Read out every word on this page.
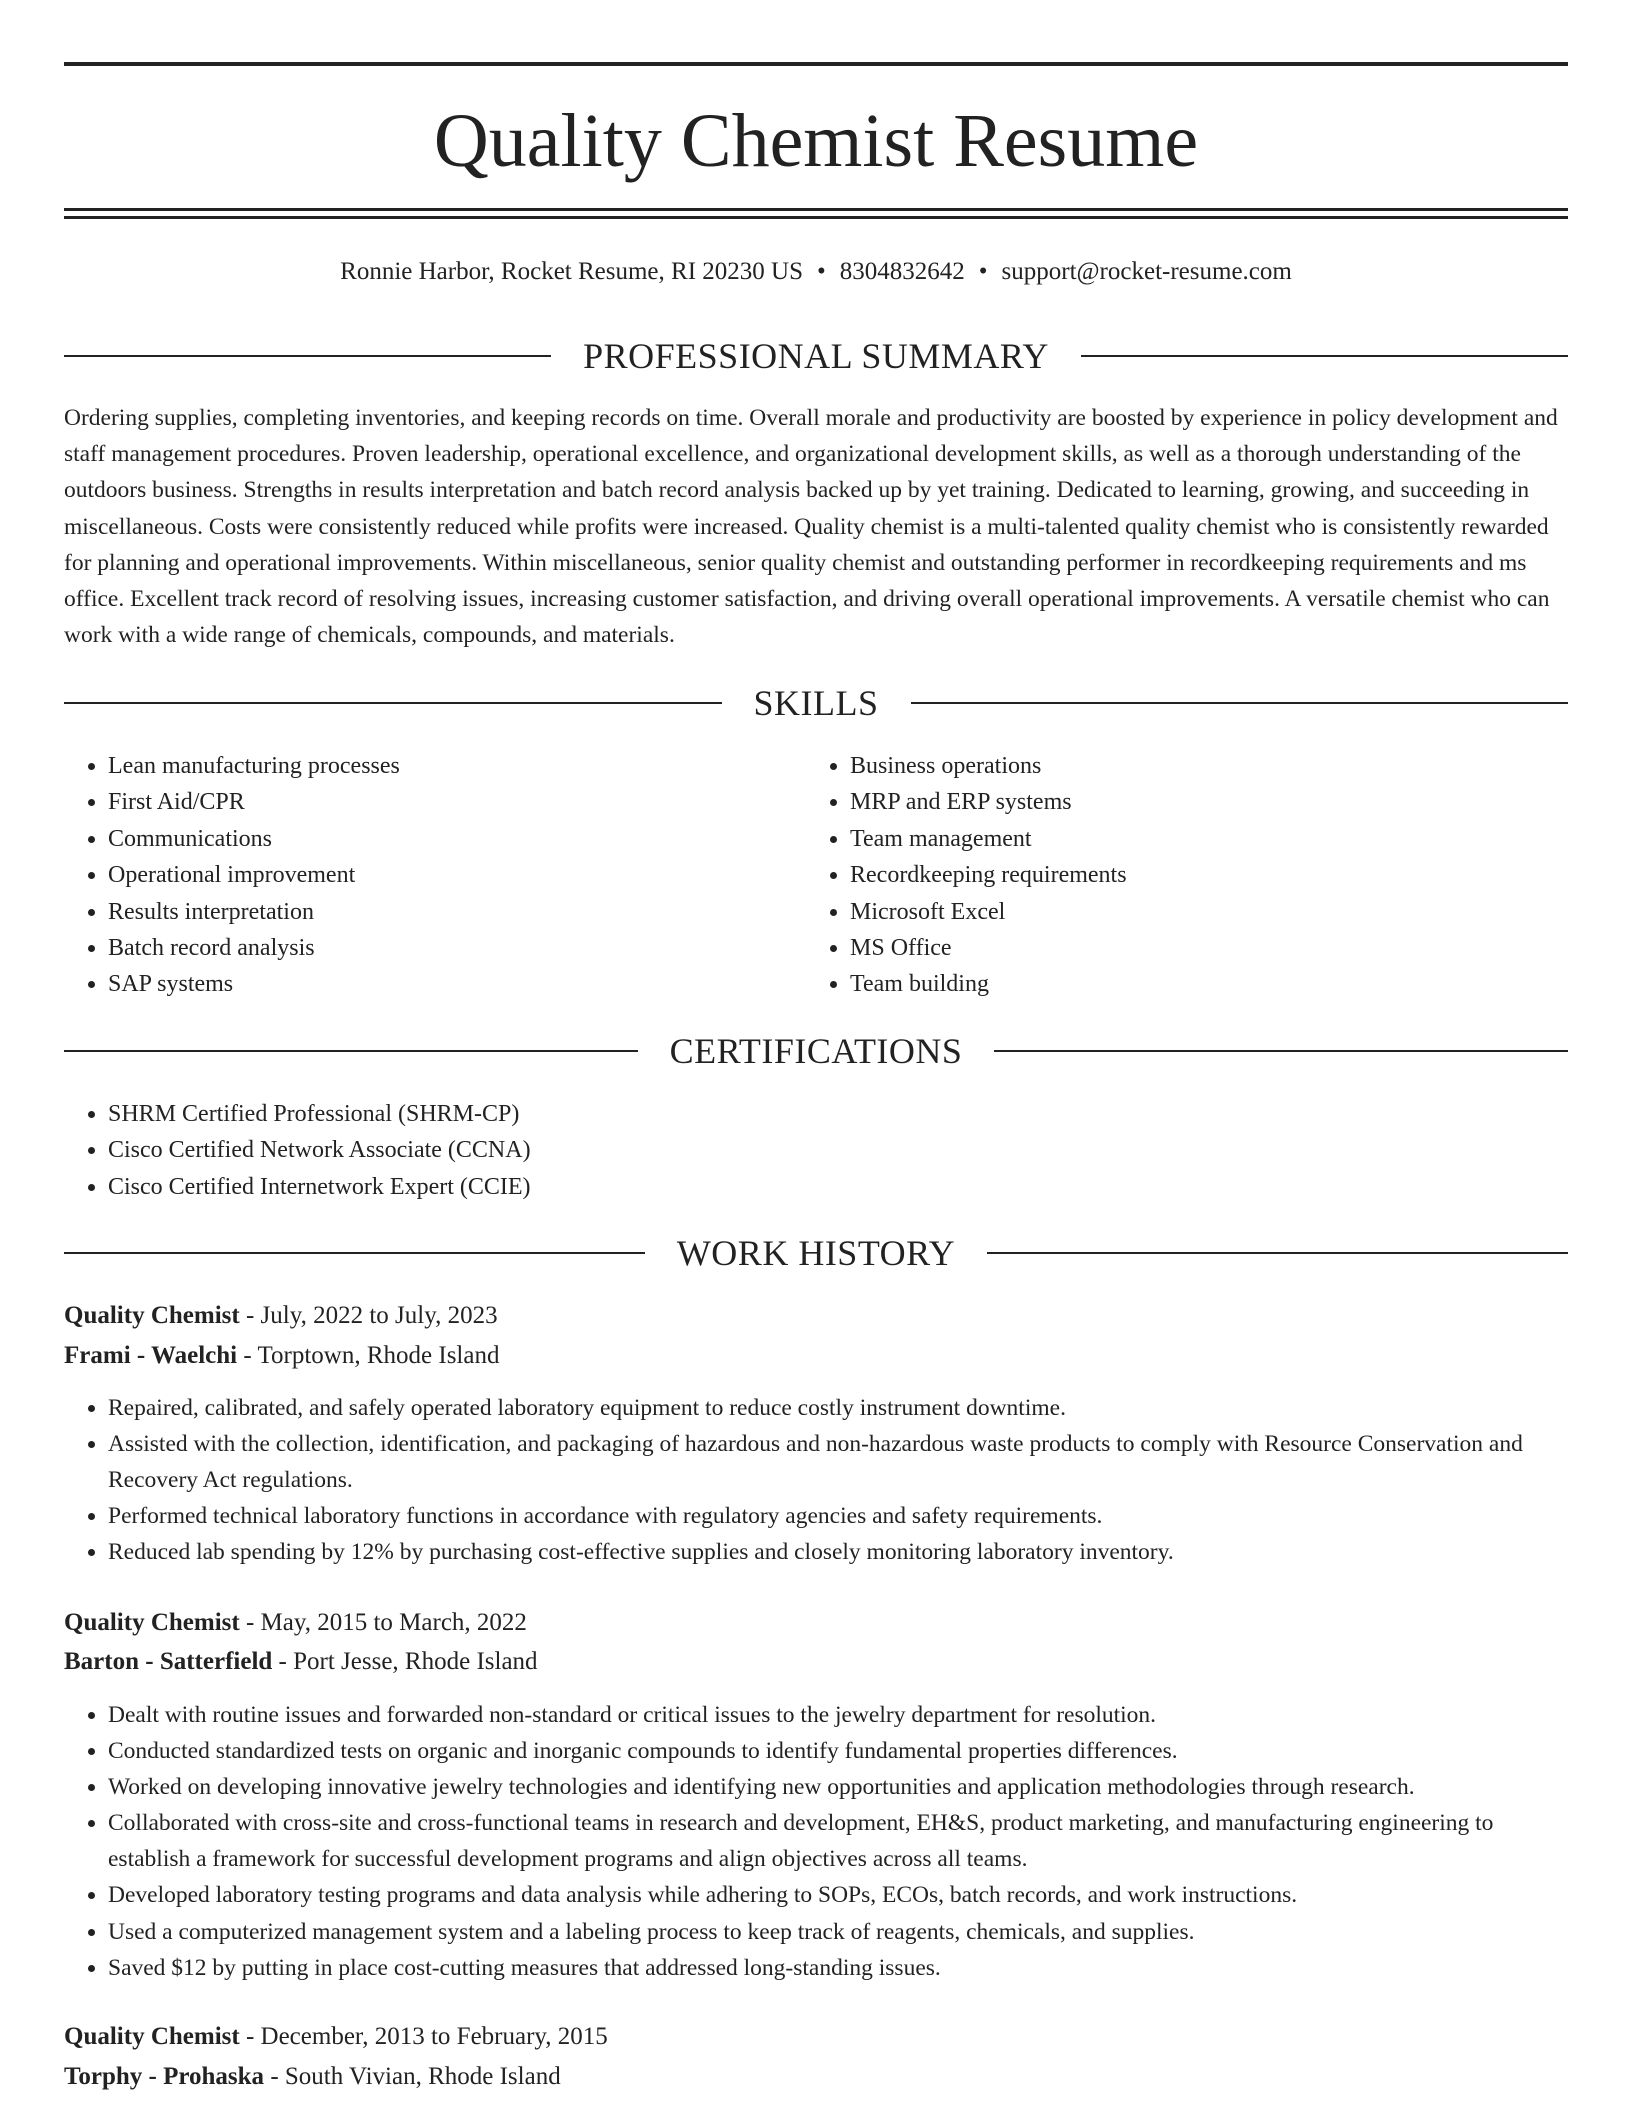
Quality Chemist Resume
Ronnie Harbor, Rocket Resume, RI 20230 US • 8304832642 • support@rocket-resume.com
PROFESSIONAL SUMMARY

Ordering supplies, completing inventories, and keeping records on time. Overall morale and productivity are boosted by experience in policy development and staff management procedures. Proven leadership, operational excellence, and organizational development skills, as well as a thorough understanding of the outdoors business. Strengths in results interpretation and batch record analysis backed up by yet training. Dedicated to learning, growing, and succeeding in miscellaneous. Costs were consistently reduced while profits were increased. Quality chemist is a multi-talented quality chemist who is consistently rewarded for planning and operational improvements. Within miscellaneous, senior quality chemist and outstanding performer in recordkeeping requirements and ms office. Excellent track record of resolving issues, increasing customer satisfaction, and driving overall operational improvements. A versatile chemist who can work with a wide range of chemicals, compounds, and materials.

SKILLS
• Lean manufacturing processes
• First Aid/CPR
• Communications
• Operational improvement
• Results interpretation
• Batch record analysis
• SAP systems
• Business operations
• MRP and ERP systems
• Team management
• Recordkeeping requirements
• Microsoft Excel
• MS Office
• Team building
CERTIFICATIONS
• SHRM Certified Professional (SHRM-CP)
• Cisco Certified Network Associate (CCNA)
• Cisco Certified Internetwork Expert (CCIE)
WORK HISTORY
Quality Chemist - July, 2022 to July, 2023
Frami - Waelchi - Torptown, Rhode Island
• Repaired, calibrated, and safely operated laboratory equipment to reduce costly instrument downtime.
• Assisted with the collection, identification, and packaging of hazardous and non-hazardous waste products to comply with Resource Conservation and Recovery Act regulations.
• Performed technical laboratory functions in accordance with regulatory agencies and safety requirements.
• Reduced lab spending by 12% by purchasing cost-effective supplies and closely monitoring laboratory inventory.
Quality Chemist - May, 2015 to March, 2022
Barton - Satterfield - Port Jesse, Rhode Island
• Dealt with routine issues and forwarded non-standard or critical issues to the jewelry department for resolution.
• Conducted standardized tests on organic and inorganic compounds to identify fundamental properties differences.
• Worked on developing innovative jewelry technologies and identifying new opportunities and application methodologies through research.
• Collaborated with cross-site and cross-functional teams in research and development, EH&S, product marketing, and manufacturing engineering to establish a framework for successful development programs and align objectives across all teams.
• Developed laboratory testing programs and data analysis while adhering to SOPs, ECOs, batch records, and work instructions.
• Used a computerized management system and a labeling process to keep track of reagents, chemicals, and supplies.
• Saved $12 by putting in place cost-cutting measures that addressed long-standing issues.
Quality Chemist - December, 2013 to February, 2015
Torphy - Prohaska - South Vivian, Rhode Island
